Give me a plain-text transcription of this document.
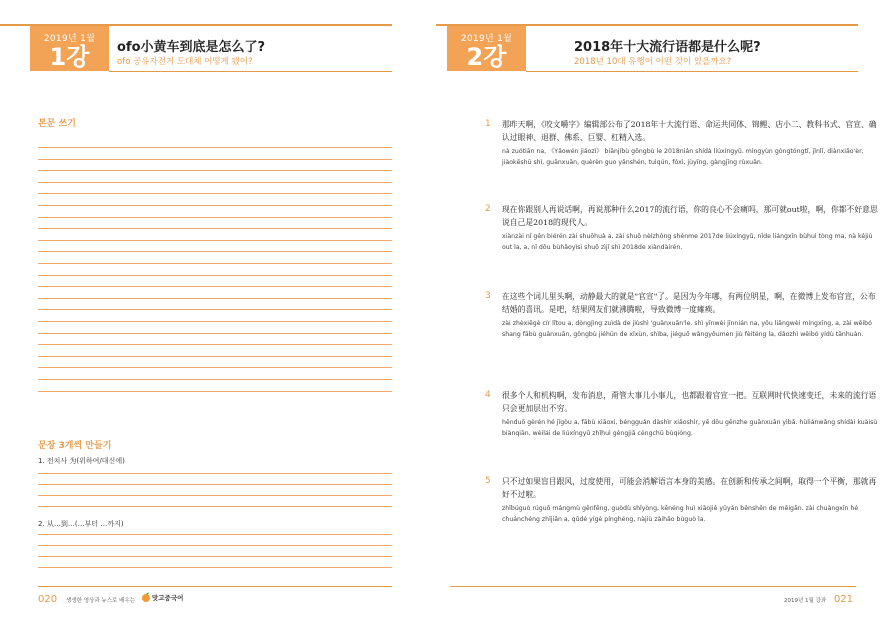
2019년 1월
1강	ofo小黄车到底是怎么了?
ofo 공유자전거 도대체 어떻게 됐어?
본문 쓰기
문장 3개씩 만들기
1. 전치사 为(위하여/대신에)
2. 从…到…(…부터 …까지)
020 생생한 영상과 뉴스로 배우는	맛고중국어
2019년 1월
2강	2018年十大流行语都是什么呢?
2018년 10대 유행어 어떤 것이 있을까요?
1 那昨天啊，《咬文嚼字》编辑部公布了2018年十大流行语、命运共同体、锦鲤、店小二、教科书式、官宣、确认过眼神、退群、佛系、巨婴、杠精入选。
nà zuótiān na, 《Yǎowén jiáozì》 biānjíbù gōngbù le 2018nián shídà liúxíngyǔ. mìngyùn gòngtóngtǐ, jǐnlǐ, diànxiǎo'èr, jiàokēshū shì, guānxuān, quèrèn guo yǎnshén, tuìqún, fóxì, jùyīng, gàngjīng rùxuǎn.
2 现在你跟别人再说话啊，再说那种什么2017的流行语，你的良心不会痛吗，那可就out啦，啊，你都不好意思说自己是2018的现代人。
xiànzài nǐ gēn biérén zài shuōhuà a, zài shuō nèizhǒng shénme 2017de liúxíngyǔ, nǐde liángxīn bùhuì tòng ma, nà kějiù out la, a, nǐ dōu bùhǎoyìsi shuō zìjǐ shì 2018de xiàndàirén.
3 在这些个词儿里头啊，动静最大的就是"官宣"了。是因为今年哪，有两位明星，啊，在微博上发布官宣，公布结婚的喜讯。是吧，结果网友们就沸腾啦，导致微博一度瘫痪。
zài zhèxiēgè cír lǐtou a, dòngjìng zuìdà de jiùshì 'guānxuān'le. shì yīnwèi jīnnián na, yǒu liǎngwèi míngxīng, a, zài wēibó shang fābù guānxuān, gōngbù jiéhūn de xǐxùn, shìba, jiéguǒ wǎngyǒumen jiù fèiténg la, dǎozhì wēibó yídù tānhuàn.
4 很多个人和机构啊，发布消息，甭管大事儿小事儿，也都跟着官宣一把。互联网时代快速变迁，未来的流行语只会更加层出不穷。
hěnduō gèrén hé jīgòu a, fābù xiāoxi, béngguǎn dàshìr xiǎoshìr, yě dōu gēnzhe guānxuān yìbǎ. hùliánwǎng shídài kuàisù biànqiān, wèilái de liúxíngyǔ zhǐhuì gèngjiā céngchū bùqióng.
5 只不过如果盲目跟风，过度使用，可能会消解语言本身的美感。在创新和传承之间啊，取得一个平衡，那就再好不过啦。
zhǐbúguò rúguǒ mángmù gēnfēng, guòdù shǐyòng, kěnéng huì xiāojiě yǔyán běnshēn de měigǎn. zài chuàngxīn hé chuánchéng zhījiān a, qǔdé yígè pínghéng, nàjiù zàihǎo bùguò la.
2019년 1월 강좌 021
